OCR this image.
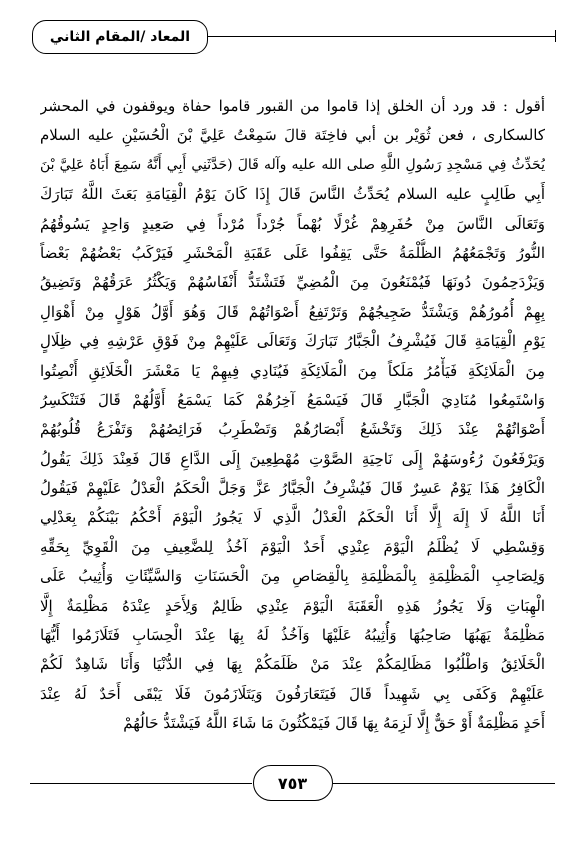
المعاد /المقام الثاني
أقول : قد ورد أن الخلق إذا قاموا من القبور قاموا حفاة ويوقفون في المحشر
كالسكارى ، فعن ثُوَيْر بن أبي فاخِتَة قالَ سَمِعْتُ عَلِيَّ بْنَ الْحُسَيْنِ عليه السلام
يُحَدِّثُ فِي مَسْجِدِ رَسُولِ اللَّهِ صلى الله عليه وآله قَالَ (حَدَّثَنِي أَبِي أَنَّهُ سَمِعَ أَبَاهُ عَلِيَّ بْنَ
أَبِي طَالِبٍ عليه السلام يُحَدِّثُ النَّاسَ قَالَ إِذَا كَانَ يَوْمُ الْقِيَامَةِ بَعَثَ اللَّهُ تَبَارَكَ
وَتَعَالَى النَّاسَ مِنْ حُفَرِهِمْ غُرْلًا بُهْماً جُرْداً مُرْداً فِي صَعِيدٍ وَاحِدٍ يَسُوقُهُمُ
النُّورُ وَتَجْمَعُهُمُ الظُّلْمَةُ حَتَّى يَقِفُوا عَلَى عَقَبَةِ الْمَحْشَرِ فَيَرْكَبُ بَعْضُهُمْ بَعْضاً
وَيَزْدَحِمُونَ دُونَهَا فَيُمْنَعُونَ مِنَ الْمُضِيِّ فَتَشْتَدُّ أَنْفَاسُهُمْ وَيَكْثُرُ عَرَقُهُمْ وَتَضِيقُ
بِهِمْ أُمُورُهُمْ وَيَشْتَدُّ ضَجِيجُهُمْ وَتَرْتَفِعُ أَصْوَاتُهُمْ قَالَ وَهُوَ أَوَّلُ هَوْلٍ مِنْ أَهْوَالِ
يَوْمِ الْقِيَامَةِ قَالَ فَيُشْرِفُ الْجَبَّارُ تَبَارَكَ وَتَعَالَى عَلَيْهِمْ مِنْ فَوْقِ عَرْشِهِ فِي ظِلَالٍ
مِنَ الْمَلَائِكَةِ فَيَأْمُرُ مَلَكاً مِنَ الْمَلَائِكَةِ فَيُنَادِي فِيهِمْ يَا مَعْشَرَ الْخَلَائِقِ أَنْصِتُوا
وَاسْتَمِعُوا مُنَادِيَ الْجَبَّارِ قَالَ فَيَسْمَعُ آخِرُهُمْ كَمَا يَسْمَعُ أَوَّلُهُمْ قَالَ فَتَنْكَسِرُ
أَصْوَاتُهُمْ عِنْدَ ذَلِكَ وَتَخْشَعُ أَبْصَارُهُمْ وَتَضْطَرِبُ فَرَائِصُهُمْ وَتَفْزَعُ قُلُوبُهُمْ
وَيَرْفَعُونَ رُءُوسَهُمْ إِلَى نَاحِيَةِ الصَّوْتِ مُهْطِعِينَ إِلَى الدَّاعِ قَالَ فَعِنْدَ ذَلِكَ يَقُولُ
الْكَافِرُ هَذَا يَوْمٌ عَسِرٌ قَالَ فَيُشْرِفُ الْجَبَّارُ عَزَّ وَجَلَّ الْحَكَمُ الْعَدْلُ عَلَيْهِمْ فَيَقُولُ
أَنَا اللَّهُ لَا إِلَهَ إِلَّا أَنَا الْحَكَمُ الْعَدْلُ الَّذِي لَا يَجُورُ الْيَوْمَ أَحْكُمُ بَيْنَكُمْ بِعَدْلِي
وَقِسْطِي لَا يُظْلَمُ الْيَوْمَ عِنْدِي أَحَدٌ الْيَوْمَ آخُذُ لِلضَّعِيفِ مِنَ الْقَوِيِّ بِحَقِّهِ
وَلِصَاحِبِ الْمَظْلِمَةِ بِالْمَظْلِمَةِ بِالْقِصَاصِ مِنَ الْحَسَنَاتِ وَالسَّيِّئَاتِ وَأُثِيبُ عَلَى
الْهِبَاتِ وَلَا يَجُوزُ هَذِهِ الْعَقَبَةَ الْيَوْمَ عِنْدِي ظَالِمٌ وَلِأَحَدٍ عِنْدَهُ مَظْلِمَةٌ إِلَّا
مَظْلِمَةٌ يَهَبُهَا صَاحِبُهَا وَأُثِيبُهُ عَلَيْهَا وَآخُذُ لَهُ بِهَا عِنْدَ الْحِسَابِ فَتَلَازَمُوا أَيُّهَا
الْخَلَائِقُ وَاطْلُبُوا مَظَالِمَكُمْ عِنْدَ مَنْ ظَلَمَكُمْ بِهَا فِي الدُّنْيَا وَأَنَا شَاهِدٌ لَكُمْ
عَلَيْهِمْ وَكَفَى بِي شَهِيداً قَالَ فَيَتَعَارَفُونَ وَيَتَلَازَمُونَ فَلَا يَبْقَى أَحَدٌ لَهُ عِنْدَ
أَحَدٍ مَظْلِمَةٌ أَوْ حَقٌّ إِلَّا لَزِمَهُ بِهَا قَالَ فَيَمْكُثُونَ مَا شَاءَ اللَّهُ فَيَشْتَدُّ حَالُهُمْ
٧٥٣
